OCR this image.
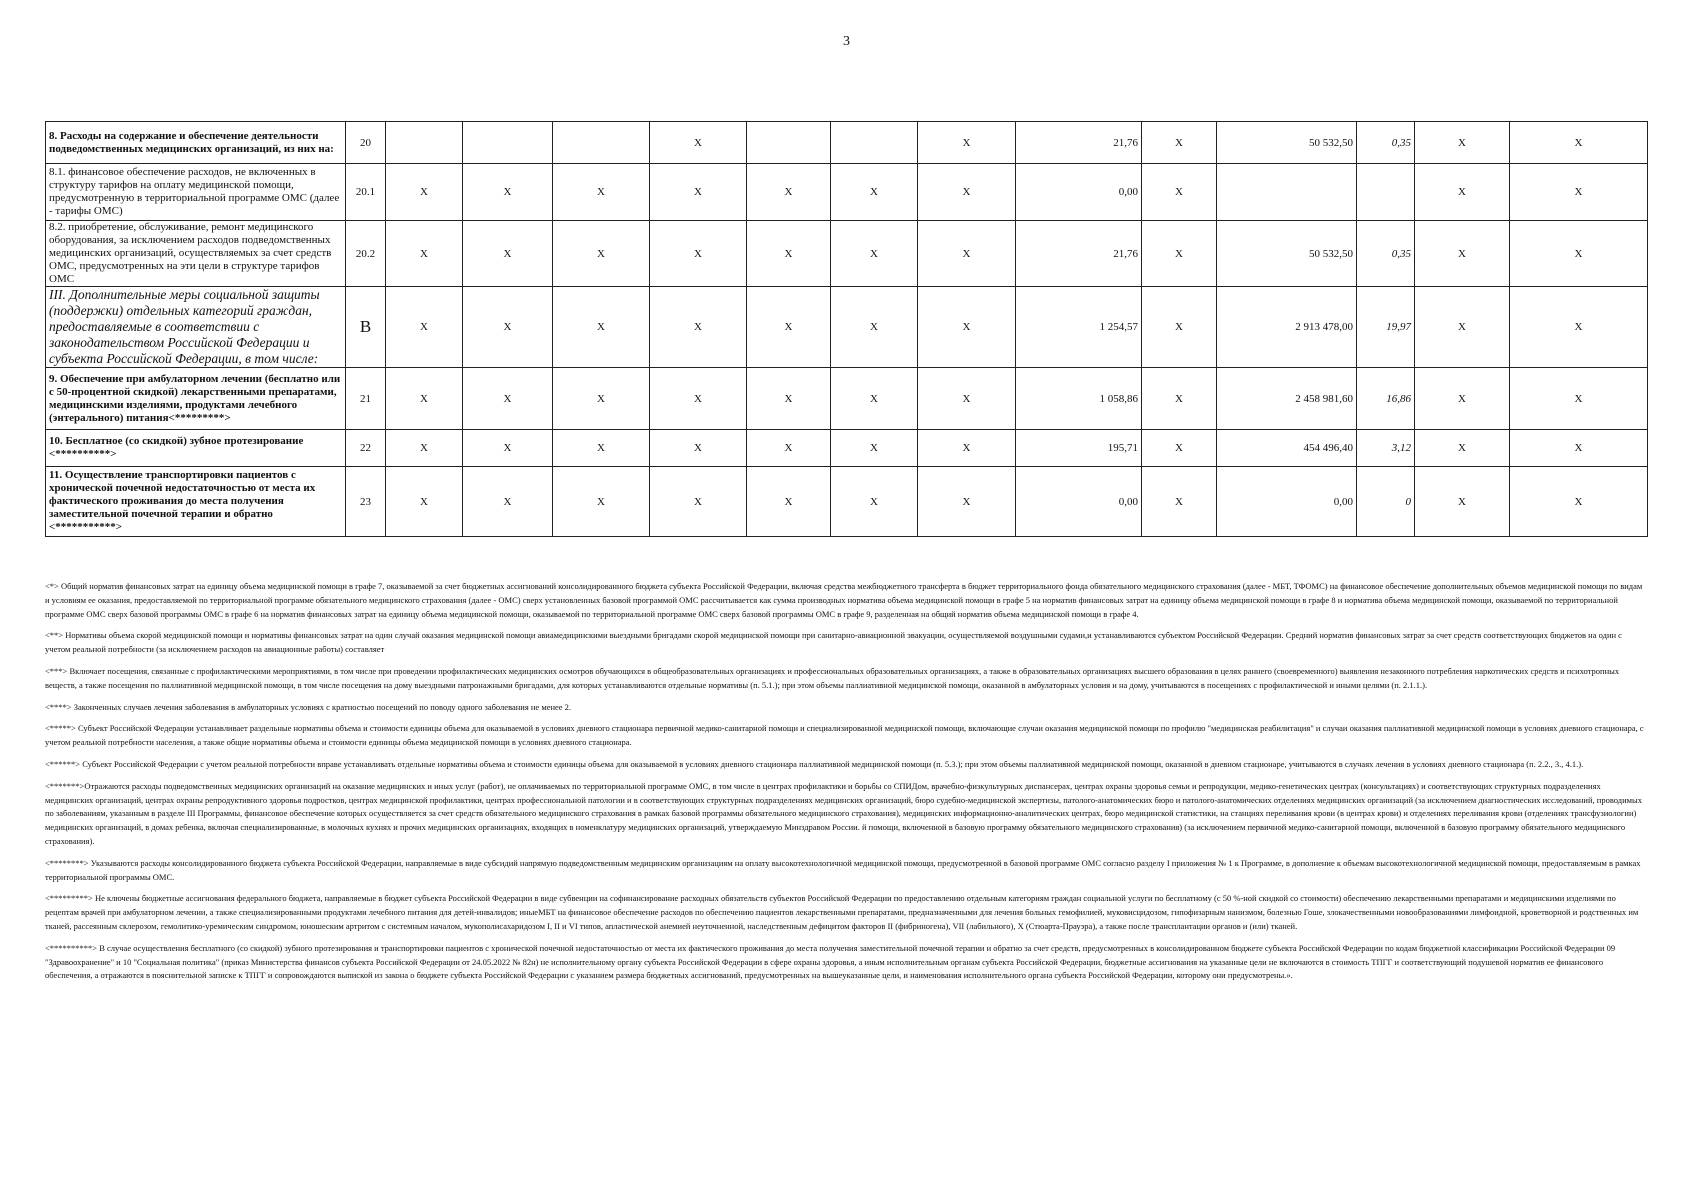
3
8. Расходы на содержание и обеспечение деятельности подведомственных медицинских организаций, из них на:	20				X			X	21,76	X	50 532,50	0,35	X	X
8.1. финансовое обеспечение расходов, не включенных в структуру тарифов на оплату медицинской помощи, предусмотренную в территориальной программе ОМС (далее - тарифы ОМС)	20.1	X	X	X	X	X	X	X	0,00	X			X	X
8.2. приобретение, обслуживание, ремонт медицинского оборудования, за исключением расходов подведомственных медицинских организаций, осуществляемых за счет средств ОМС, предусмотренных на эти цели в структуре тарифов ОМС	20.2	X	X	X	X	X	X	X	21,76	X	50 532,50	0,35	X	X
III. Дополнительные меры социальной защиты (поддержки) отдельных категорий граждан, предоставляемые в соответствии с законодательством Российской Федерации и субъекта Российской Федерации, в том числе:	В	X	X	X	X	X	X	X	1 254,57	X	2 913 478,00	19,97	X	X
9. Обеспечение при амбулаторном лечении (бесплатно или с 50-процентной скидкой) лекарственными препаратами, медицинскими изделиями, продуктами лечебного (энтерального) питания<*********>	21	X	X	X	X	X	X	X	1 058,86	X	2 458 981,60	16,86	X	X
10. Бесплатное (со скидкой) зубное протезирование <**********>	22	X	X	X	X	X	X	X	195,71	X	454 496,40	3,12	X	X
11. Осуществление транспортировки пациентов с хронической почечной недостаточностью от места их фактического проживания до места получения заместительной почечной терапии и обратно <***********>	23	X	X	X	X	X	X	X	0,00	X	0,00	0	X	X

<*> Общий норматив финансовых затрат на единицу объема медицинской помощи в графе 7, оказываемой за счет бюджетных ассигнований консолидированного бюджета субъекта Российской Федерации, включая средства межбюджетного трансферта в бюджет территориального фонда обязательного медицинского страхования (далее - МБТ, ТФОМС) на финансовое обеспечение дополнительных объемов медицинской помощи по видам и условиям ее оказания, предоставляемой по территориальной программе обязательного медицинского страхования (далее - ОМС) сверх установленных базовой программой ОМС рассчитывается как сумма производных норматива объема медицинской помощи в графе 5 на норматив финансовых затрат на единицу объема медицинской помощи в графе 8 и норматива объема медицинской помощи, оказываемой по территориальной программе ОМС сверх базовой программы ОМС в графе 6 на норматив финансовых затрат на единицу объема медицинской помощи, оказываемой по территориальной программе ОМС сверх базовой программы ОМС в графе 9, разделенная на общий норматив объема медицинской помощи в графе 4.

<**> Нормативы объема скорой медицинской помощи и нормативы финансовых затрат на один случай оказания медицинской помощи авиамедицинскими выездными бригадами скорой медицинской помощи при санитарно-авиационной эвакуации, осуществляемой воздушными судами,и устанавливаются субъектом Российской Федерации. Средний норматив финансовых затрат за счет средств соответствующих бюджетов на один с учетом реальной потребности (за исключением расходов на авиационные работы) составляет

<***> Включает посещения, связанные с профилактическими мероприятиями, в том числе при проведении профилактических медицинских осмотров обучающихся в общеобразовательных организациях и профессиональных образовательных организациях, а также в образовательных организациях высшего образования в целях раннего (своевременного) выявления незаконного потребления наркотических средств и психотропных веществ, а также посещения по паллиативной медицинской помощи, в том числе посещения на дому выездными патронажными бригадами, для которых устанавливаются отдельные нормативы (п. 5.1.); при этом объемы паллиативной медицинской помощи, оказанной в амбулаторных условия и на дому, учитываются в посещениях с профилактической и иными целями (п. 2.1.1.).

<****> Законченных случаев лечения заболевания в амбулаторных условиях с кратностью посещений по поводу одного заболевания не менее 2.

<*****> Субъект Российской Федерации устанавливает раздельные нормативы объема и стоимости единицы объема для оказываемой в условиях дневного стационара первичной медико-санитарной помощи и специализированной медицинской помощи, включающие случаи оказания медицинской помощи по профилю "медицинская реабилитация" и случаи оказания паллиативной медицинской помощи в условиях дневного стационара, с учетом реальной потребности населения, а также общие нормативы объема и стоимости единицы объема медицинской помощи в условиях дневного стационара.

<******> Субъект Российской Федерации с учетом реальной потребности вправе устанавливать отдельные нормативы объема и стоимости единицы объема для оказываемой в условиях дневного стационара паллиативной медицинской помощи (п. 5.3.); при этом объемы паллиативной медицинской помощи, оказанной в дневном стационаре, учитываются в случаях лечения в условиях дневного стационара (п. 2.2., 3., 4.1.).

<*******>Отражаются расходы подведомственных медицинских организаций на оказание медицинских и иных услуг (работ), не оплачиваемых по территориальной программе ОМС, в том числе в центрах профилактики и борьбы со СПИДом, врачебно-физкультурных диспансерах, центрах охраны здоровья семьи и репродукции, медико-генетических центрах (консультациях) и соответствующих структурных подразделениях медицинских организаций, центрах охраны репродуктивного здоровья подростков, центрах медицинской профилактики, центрах профессиональной патологии и в соответствующих структурных подразделениях медицинских организаций, бюро судебно-медицинской экспертизы, патолого-анатомических бюро и патолого-анатомических отделениях медицинских организаций (за исключением диагностических исследований, проводимых по заболеваниям, указанным в разделе III Программы, финансовое обеспечение которых осуществляется за счет средств обязательного медицинского страхования в рамках базовой программы обязательного медицинского страхования), медицинских информационно-аналитических центрах, бюро медицинской статистики, на станциях переливания крови (в центрах крови) и отделениях переливания крови (отделениях трансфузиологии) медицинских организаций, в домах ребенка, включая специализированные, в молочных кухнях и прочих медицинских организациях, входящих в номенклатуру медицинских организаций, утверждаемую Минздравом России. й помощи, включенной в базовую программу обязательного медицинского страхования) (за исключением первичной медико-санитарной помощи, включенной в базовую программу обязательного медицинского страхования).

<********> Указываются расходы консолидированного бюджета субъекта Российской Федерации, направляемые в виде субсидий напрямую подведомственным медицинским организациям на оплату высокотехнологичной медицинской помощи, предусмотренной в базовой программе ОМС согласно разделу I приложения № 1 к Программе, в дополнение к объемам высокотехнологичной медицинской помощи, предоставляемым в рамках территориальной программы ОМС.

<*********> Не ключены бюджетные ассигнования федерального бюджета, направляемые в бюджет субъекта Российской Федерации в виде субвенции на софинансирование расходных обязательств субъектов Российской Федерации по предоставлению отдельным категориям граждан социальной услуги по бесплатному (с 50 %-ной скидкой со стоимости) обеспечению лекарственными препаратами и медицинскими изделиями по рецептам врачей при амбулаторном лечении, а также специализированными продуктами лечебного питания для детей-инвалидов; иныеМБТ на финансовое обеспечение расходов по обеспечению пациентов лекарственными препаратами, предназначенными для лечения больных гемофилией, муковисцидозом, гипофизарным нанизмом, болезнью Гоше, злокачественными новообразованиями лимфоидной, кроветворной и родственных им тканей, рассеянным склерозом, гемолитико-уремическим синдромом, юношеским артритом с системным началом, мукополисахаридозом I, II и VI типов, апластической анемией неуточненной, наследственным дефицитом факторов II (фибриногена), VII (лабильного), X (Стюарта-Прауэра), а также после трансплантации органов и (или) тканей.

<**********> В случае осуществления бесплатного (со скидкой) зубного протезирования и транспортировки пациентов с хронической почечной недостаточностью от места их фактического проживания до места получения заместительной почечной терапии и обратно за счет средств, предусмотренных в консолидированном бюджете субъекта Российской Федерации по кодам бюджетной классификации Российской Федерации 09 "Здравоохранение" и 10 "Социальная политика" (приказ Министерства финансов субъекта Российской Федерации от 24.05.2022 № 82н) не исполнительному органу субъекта Российской Федерации в сфере охраны здоровья, а иным исполнительным органам субъекта Российской Федерации, бюджетные ассигнования на указанные цели не включаются в стоимость ТПГГ и соответствующий подушевой норматив ее финансового обеспечения, а отражаются в пояснительной записке к ТПГГ и сопровождаются выпиской из закона о бюджете субъекта Российской Федерации с указанием размера бюджетных ассигнований, предусмотренных на вышеуказанные цели, и наименования исполнительного органа субъекта Российской Федерации, которому они предусмотрены.».
